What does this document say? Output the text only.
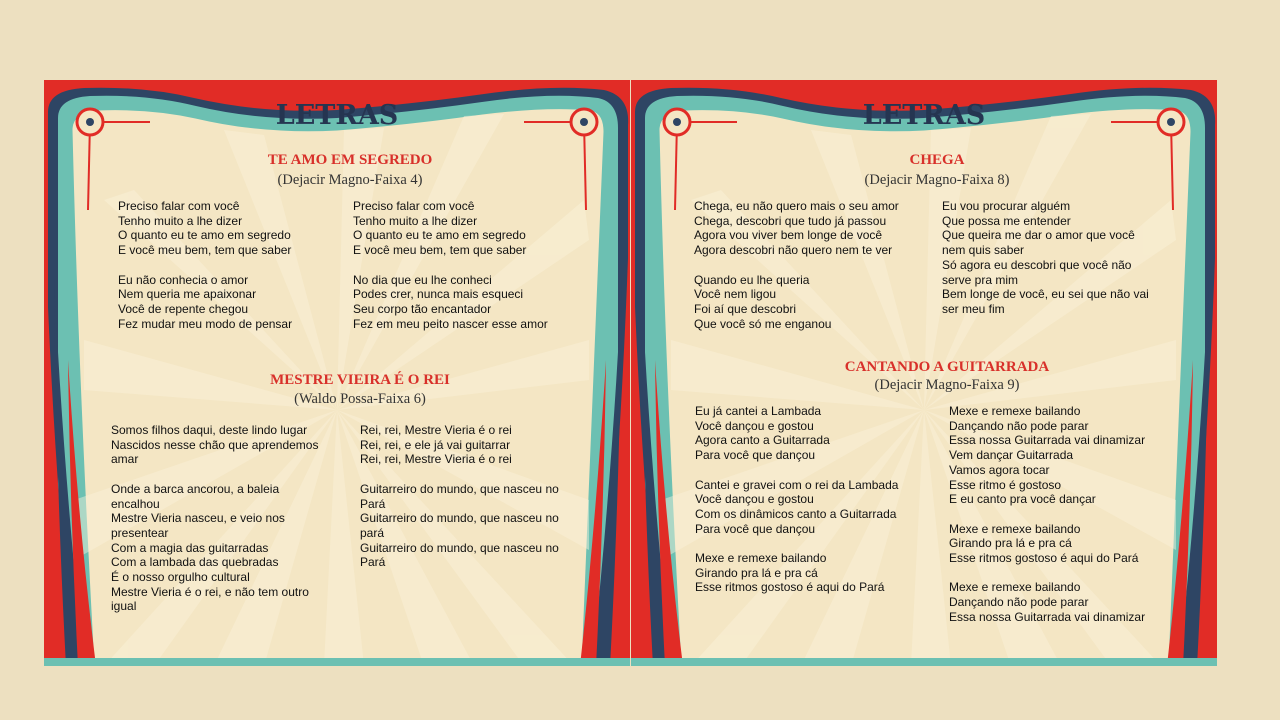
LETRAS
TE AMO EM SEGREDO
(Dejacir Magno-Faixa 4)
Preciso falar com você
Tenho muito a lhe dizer
O quanto eu te amo em segredo
E você meu bem, tem que saber

Eu não conhecia o amor
Nem queria me apaixonar
Você de repente chegou
Fez mudar meu modo de pensar
Preciso falar com você
Tenho muito a lhe dizer
O quanto eu te amo em segredo
E você meu bem, tem que saber

No dia que eu lhe conheci
Podes crer, nunca mais esqueci
Seu corpo tão encantador
Fez em meu peito nascer esse amor
MESTRE VIEIRA É O REI
(Waldo Possa-Faixa 6)
Somos filhos daqui, deste lindo lugar
Nascidos nesse chão que aprendemos
amar

Onde a barca ancorou, a baleia
encalhou
Mestre Vieria nasceu, e veio nos
presentear
Com a magia das guitarradas
Com a lambada das quebradas
É o nosso orgulho cultural
Mestre Vieria é o rei, e não tem outro
igual
Rei, rei, Mestre Vieria é o rei
Rei, rei, e ele já vai guitarrar
Rei, rei, Mestre Vieria é o rei

Guitarreiro do mundo, que nasceu no
Pará
Guitarreiro do mundo, que nasceu no
pará
Guitarreiro do mundo, que nasceu no
Pará
LETRAS
CHEGA
(Dejacir Magno-Faixa 8)
Chega, eu não quero mais o seu amor
Chega, descobri que tudo já passou
Agora vou viver bem longe de você
Agora descobri não quero nem te ver

Quando eu lhe queria
Você nem ligou
Foi aí que descobri
Que você só me enganou
Eu vou procurar alguém
Que possa me entender
Que queira me dar o amor que você
nem quis saber
Só agora eu descobri que você não
serve pra mim
Bem longe de você, eu sei que não vai
ser meu fim
CANTANDO A GUITARRADA
(Dejacir Magno-Faixa 9)
Eu já cantei a Lambada
Você dançou e gostou
Agora canto a Guitarrada
Para você que dançou

Cantei e gravei com o rei da Lambada
Você dançou e gostou
Com os dinâmicos canto a Guitarrada
Para você que dançou

Mexe e remexe bailando
Girando pra lá e pra cá
Esse ritmos gostoso é aqui do Pará
Mexe e remexe bailando
Dançando não pode parar
Essa nossa Guitarrada vai dinamizar
Vem dançar Guitarrada
Vamos agora tocar
Esse ritmo é gostoso
E eu canto pra você dançar

Mexe e remexe bailando
Girando pra lá e pra cá
Esse ritmos gostoso é aqui do Pará

Mexe e remexe bailando
Dançando não pode parar
Essa nossa Guitarrada vai dinamizar
